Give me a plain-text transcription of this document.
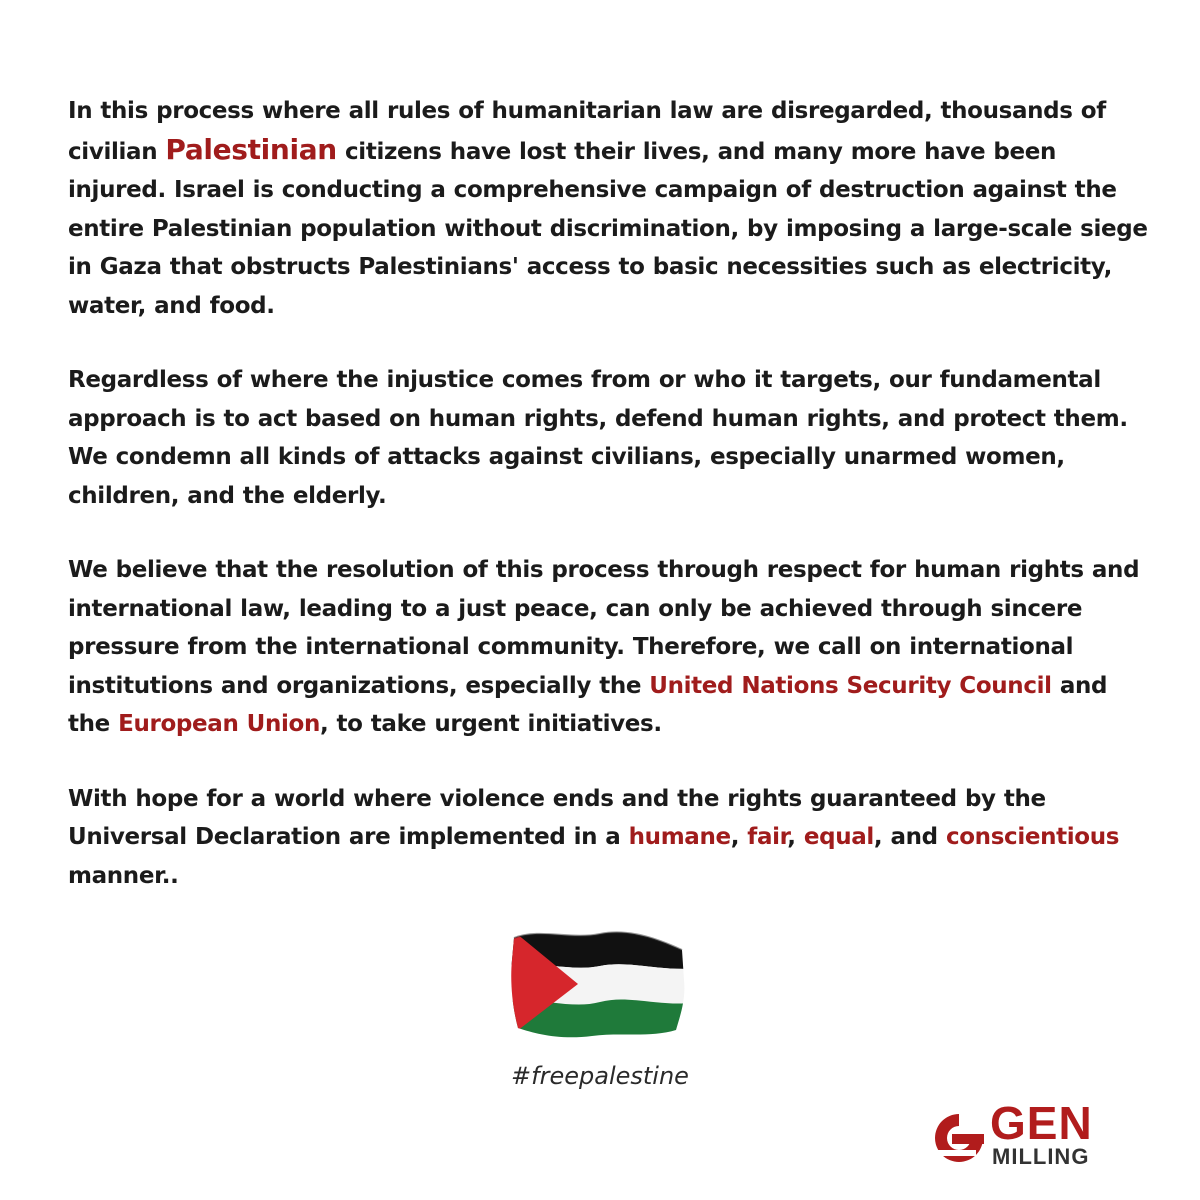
In this process where all rules of humanitarian law are disregarded, thousands of civilian Palestinian citizens have lost their lives, and many more have been injured. Israel is conducting a comprehensive campaign of destruction against the entire Palestinian population without discrimination, by imposing a large-scale siege in Gaza that obstructs Palestinians' access to basic necessities such as electricity, water, and food.

Regardless of where the injustice comes from or who it targets, our fundamental approach is to act based on human rights, defend human rights, and protect them. We condemn all kinds of attacks against civilians, especially unarmed women, children, and the elderly.

We believe that the resolution of this process through respect for human rights and international law, leading to a just peace, can only be achieved through sincere pressure from the international community. Therefore, we call on international institutions and organizations, especially the United Nations Security Council and the European Union, to take urgent initiatives.

With hope for a world where violence ends and the rights guaranteed by the Universal Declaration are implemented in a humane, fair, equal, and conscientious manner..

#freepalestine
GEN
MILLING
